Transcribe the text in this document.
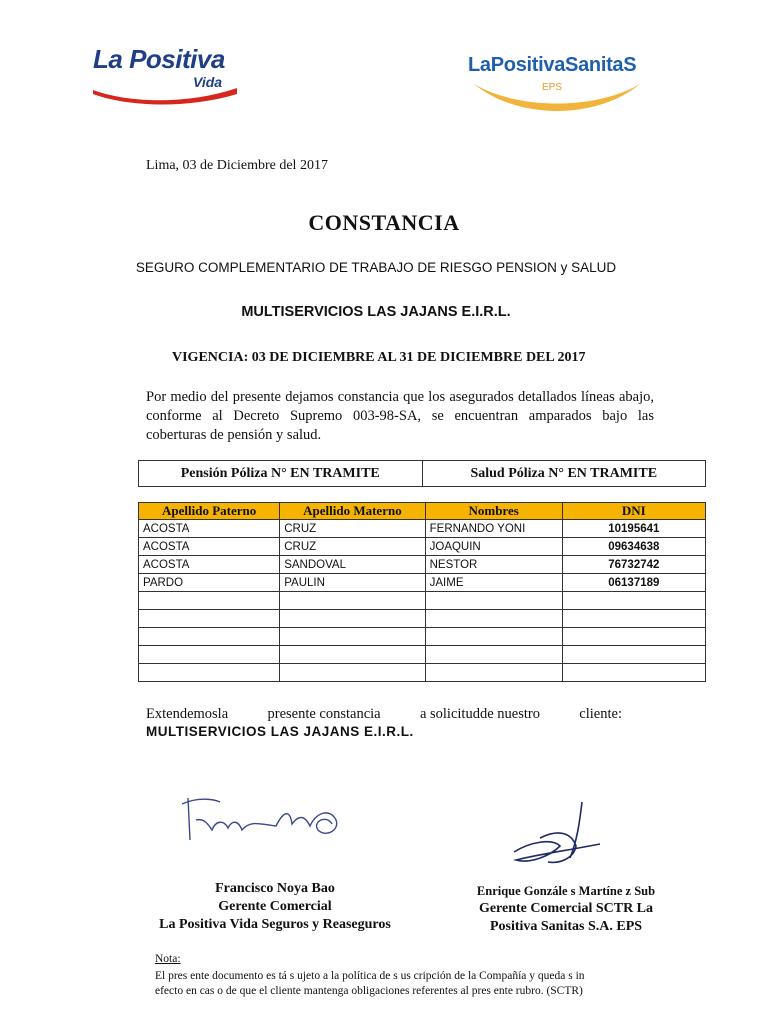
La Positiva
Vida
LaPositivaSanitaS
EPS
Lima, 03 de Diciembre del 2017
CONSTANCIA
SEGURO COMPLEMENTARIO DE TRABAJO DE RIESGO PENSION y SALUD
MULTISERVICIOS LAS JAJANS E.I.R.L.
VIGENCIA: 03 DE DICIEMBRE AL 31 DE DICIEMBRE DEL 2017
Por medio del presente dejamos constancia que los asegurados detallados líneas abajo, conforme al Decreto Supremo 003-98-SA, se encuentran amparados bajo las coberturas de pensión y salud.
Pensión Póliza N° EN TRAMITE	Salud Póliza N° EN TRAMITE
Apellido Paterno	Apellido Materno	Nombres	DNI
ACOSTA	CRUZ	FERNANDO YONI	10195641
ACOSTA	CRUZ	JOAQUIN	09634638
ACOSTA	SANDOVAL	NESTOR	76732742
PARDO	PAULIN	JAIME	06137189

Extendemosla	presente constancia	a solicitudde nuestro	cliente:
MULTISERVICIOS LAS JAJANS E.I.R.L.
Francisco Noya Bao
Gerente Comercial
La Positiva Vida Seguros y Reaseguros
Enrique Gonzále s Martíne z Sub
Gerente Comercial SCTR La
Positiva Sanitas S.A. EPS
Nota:
El pres ente documento es tá s ujeto a la política de s us cripción de la Compañía y queda s in efecto en cas o de que el cliente mantenga obligaciones referentes al pres ente rubro. (SCTR)
